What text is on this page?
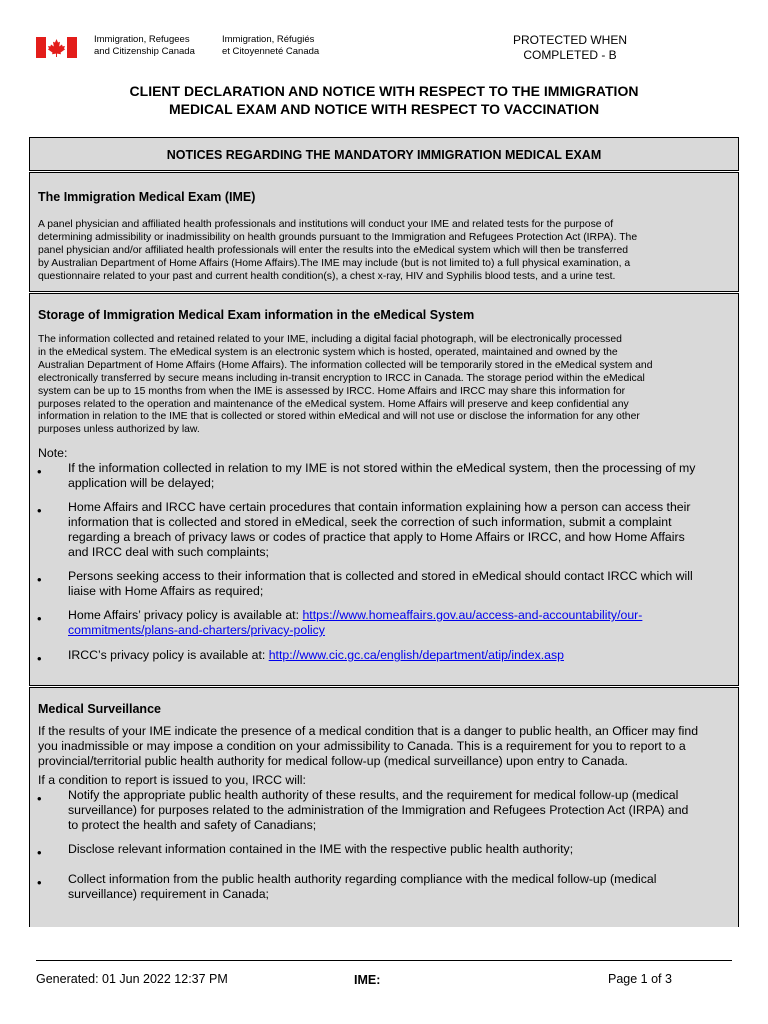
Immigration, Refugees
and Citizenship Canada
Immigration, Réfugiés
et Citoyenneté Canada
PROTECTED WHEN
COMPLETED - B
CLIENT DECLARATION AND NOTICE WITH RESPECT TO THE IMMIGRATION
MEDICAL EXAM AND NOTICE WITH RESPECT TO VACCINATION
NOTICES REGARDING THE MANDATORY IMMIGRATION MEDICAL EXAM
The Immigration Medical Exam (IME)
A panel physician and affiliated health professionals and institutions will conduct your IME and related tests for the purpose of
determining admissibility or inadmissibility on health grounds pursuant to the Immigration and Refugees Protection Act (IRPA). The
panel physician and/or affiliated health professionals will enter the results into the eMedical system which will then be transferred
by Australian Department of Home Affairs (Home Affairs).The IME may include (but is not limited to) a full physical examination, a
questionnaire related to your past and current health condition(s), a chest x-ray, HIV and Syphilis blood tests, and a urine test.
Storage of Immigration Medical Exam information in the eMedical System
The information collected and retained related to your IME, including a digital facial photograph, will be electronically processed
in the eMedical system. The eMedical system is an electronic system which is hosted, operated, maintained and owned by the
Australian Department of Home Affairs (Home Affairs). The information collected will be temporarily stored in the eMedical system and
electronically transferred by secure means including in-transit encryption to IRCC in Canada. The storage period within the eMedical
system can be up to 15 months from when the IME is assessed by IRCC. Home Affairs and IRCC may share this information for
purposes related to the operation and maintenance of the eMedical system. Home Affairs will preserve and keep confidential any
information in relation to the IME that is collected or stored within eMedical and will not use or disclose the information for any other
purposes unless authorized by law.
Note:
• If the information collected in relation to my IME is not stored within the eMedical system, then the processing of my
application will be delayed;
• Home Affairs and IRCC have certain procedures that contain information explaining how a person can access their
information that is collected and stored in eMedical, seek the correction of such information, submit a complaint
regarding a breach of privacy laws or codes of practice that apply to Home Affairs or IRCC, and how Home Affairs
and IRCC deal with such complaints;
• Persons seeking access to their information that is collected and stored in eMedical should contact IRCC which will
liaise with Home Affairs as required;
• Home Affairs’ privacy policy is available at: https://www.homeaffairs.gov.au/access-and-accountability/our-
commitments/plans-and-charters/privacy-policy
• IRCC’s privacy policy is available at: http://www.cic.gc.ca/english/department/atip/index.asp
Medical Surveillance
If the results of your IME indicate the presence of a medical condition that is a danger to public health, an Officer may find
you inadmissible or may impose a condition on your admissibility to Canada. This is a requirement for you to report to a
provincial/territorial public health authority for medical follow-up (medical surveillance) upon entry to Canada.
If a condition to report is issued to you, IRCC will:
• Notify the appropriate public health authority of these results, and the requirement for medical follow-up (medical
surveillance) for purposes related to the administration of the Immigration and Refugees Protection Act (IRPA) and
to protect the health and safety of Canadians;
• Disclose relevant information contained in the IME with the respective public health authority;
• Collect information from the public health authority regarding compliance with the medical follow-up (medical
surveillance) requirement in Canada;
Generated: 01 Jun 2022 12:37 PM	IME:	Page 1 of 3
